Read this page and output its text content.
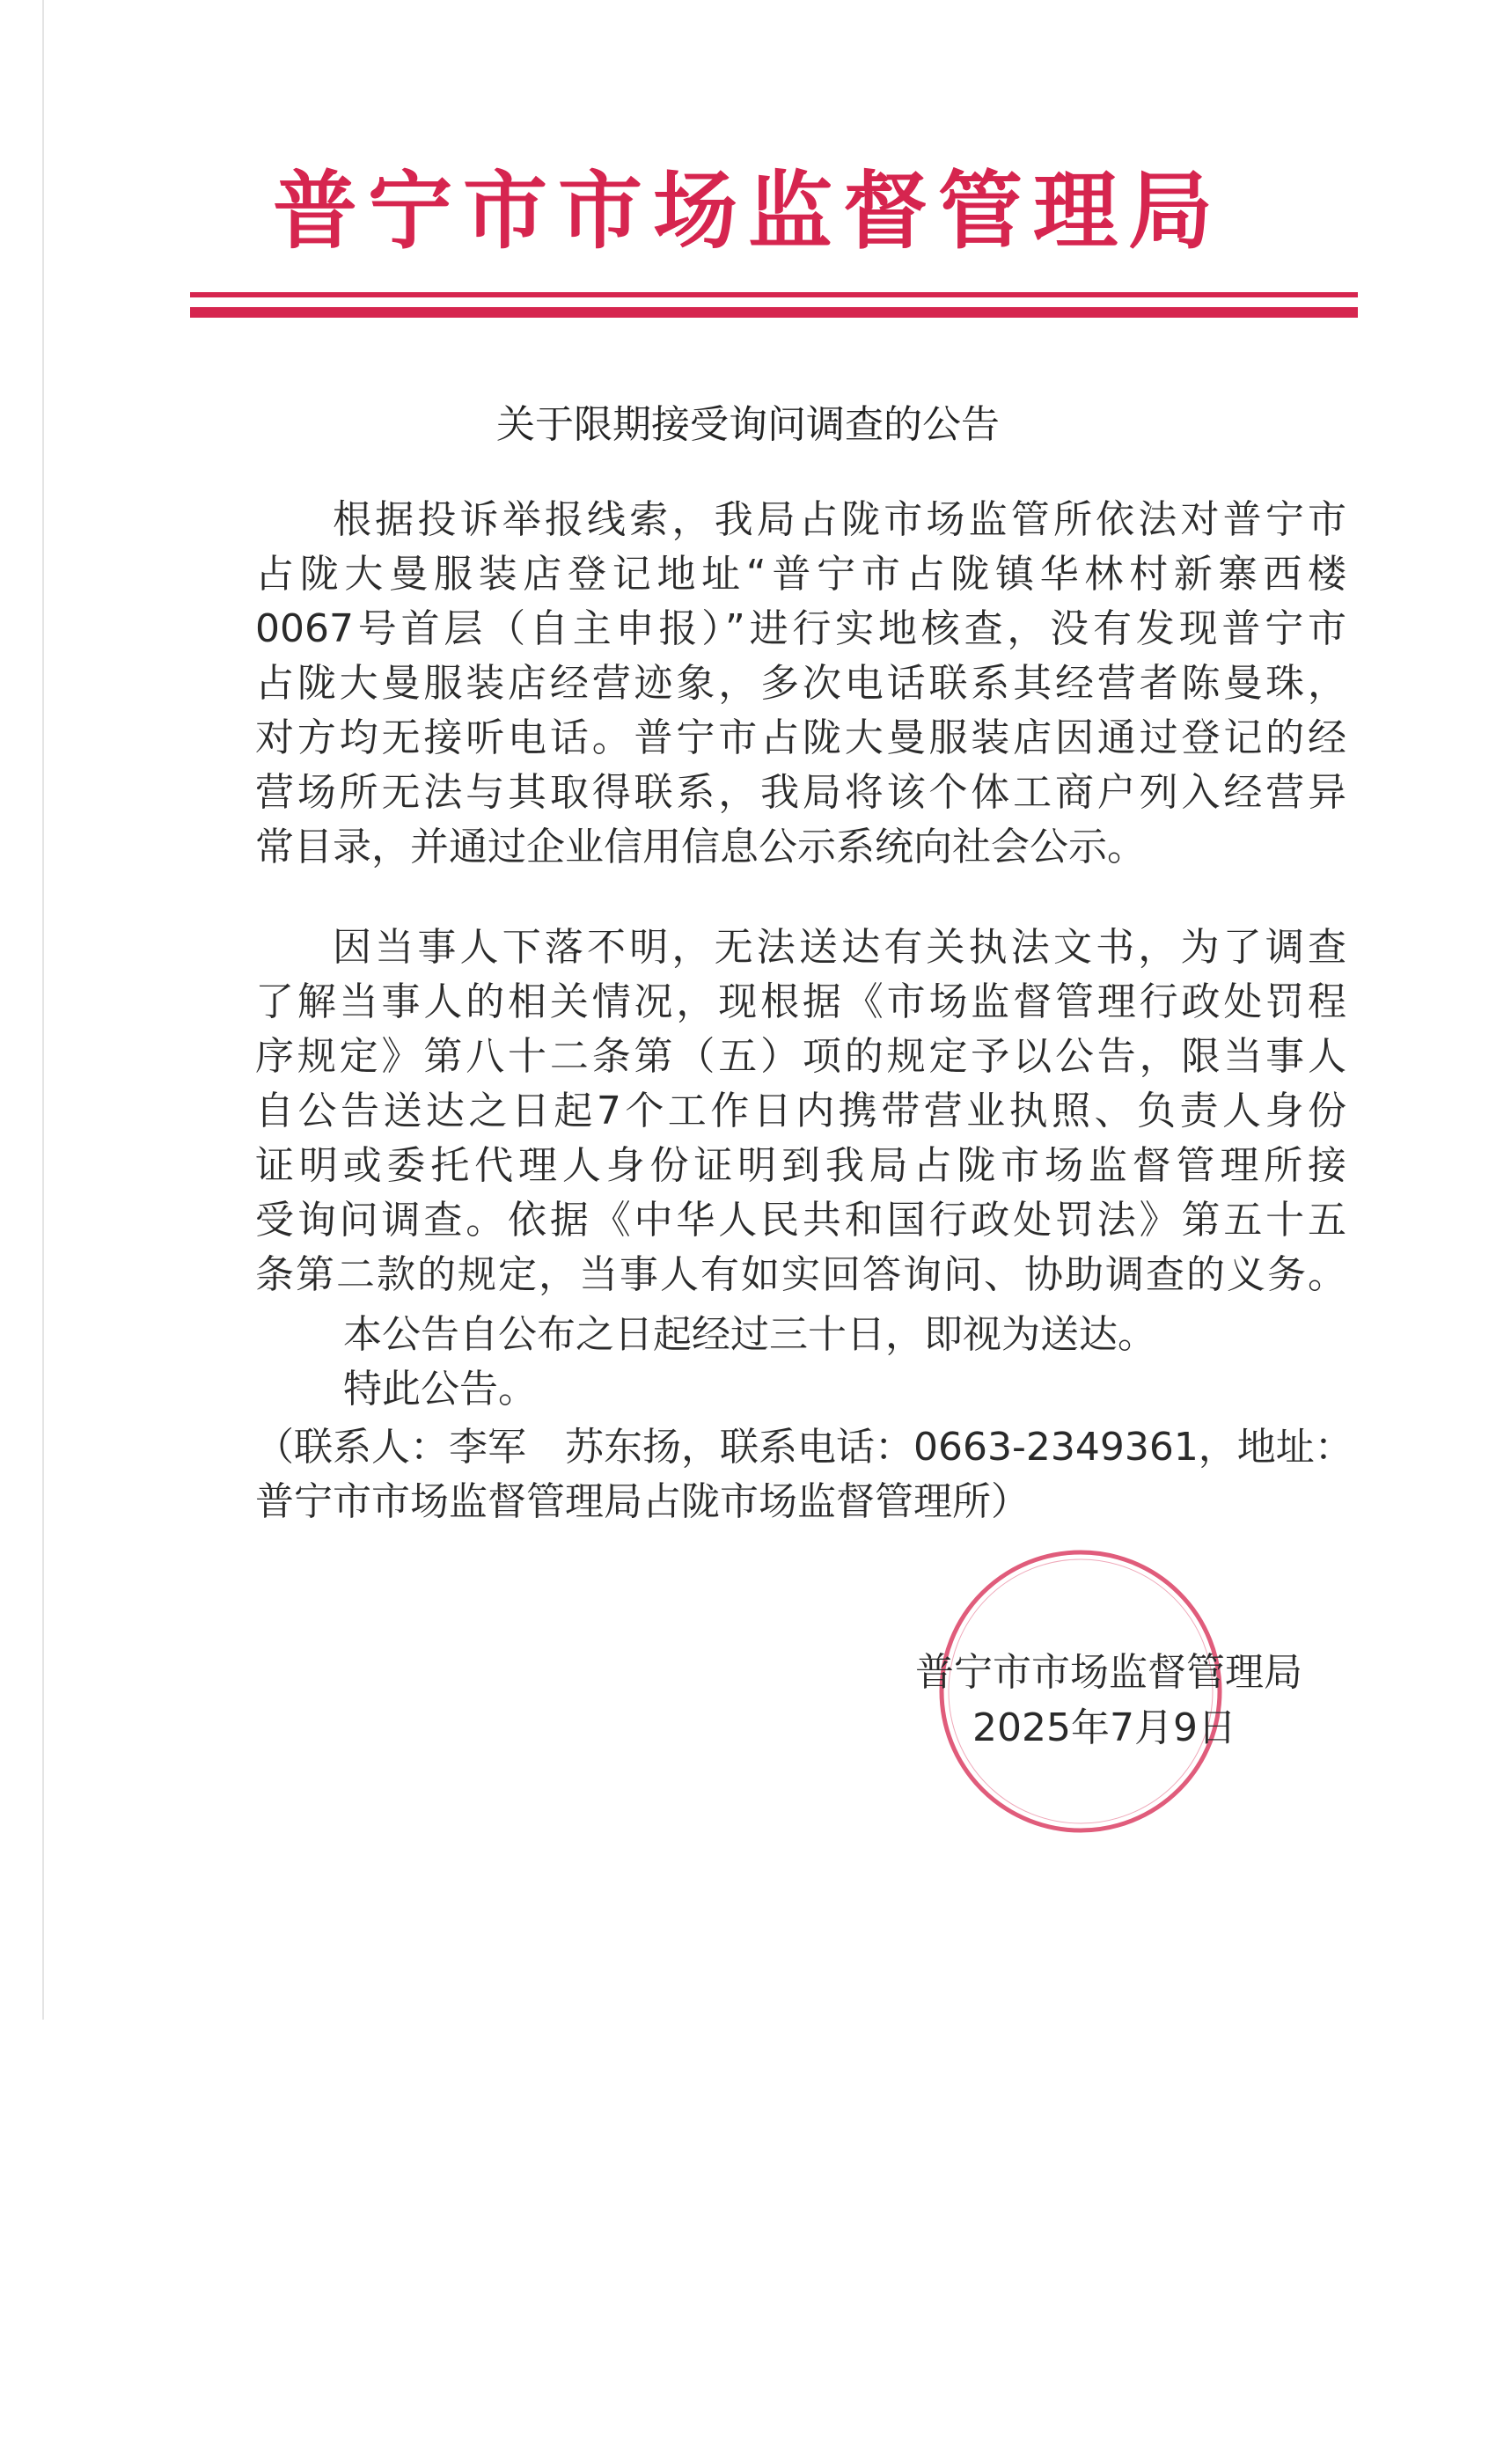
普宁市市场监督管理局
关于限期接受询问调查的公告
根据投诉举报线索，我局占陇市场监管所依法对普宁市
占陇大曼服装店登记地址“普宁市占陇镇华林村新寨西楼
0067号首层（自主申报）”进行实地核查，没有发现普宁市
占陇大曼服装店经营迹象，多次电话联系其经营者陈曼珠，
对方均无接听电话。普宁市占陇大曼服装店因通过登记的经
营场所无法与其取得联系，我局将该个体工商户列入经营异
常目录，并通过企业信用信息公示系统向社会公示。
因当事人下落不明，无法送达有关执法文书，为了调查
了解当事人的相关情况，现根据《市场监督管理行政处罚程
序规定》第八十二条第（五）项的规定予以公告，限当事人
自公告送达之日起7个工作日内携带营业执照、负责人身份
证明或委托代理人身份证明到我局占陇市场监督管理所接
受询问调查。依据《中华人民共和国行政处罚法》第五十五
条第二款的规定，当事人有如实回答询问、协助调查的义务。
本公告自公布之日起经过三十日，即视为送达。
特此公告。
（联系人：李军　苏东扬，联系电话：0663-2349361，地址：
普宁市市场监督管理局占陇市场监督管理所）
普宁市市场监督管理局
2025年7月9日
